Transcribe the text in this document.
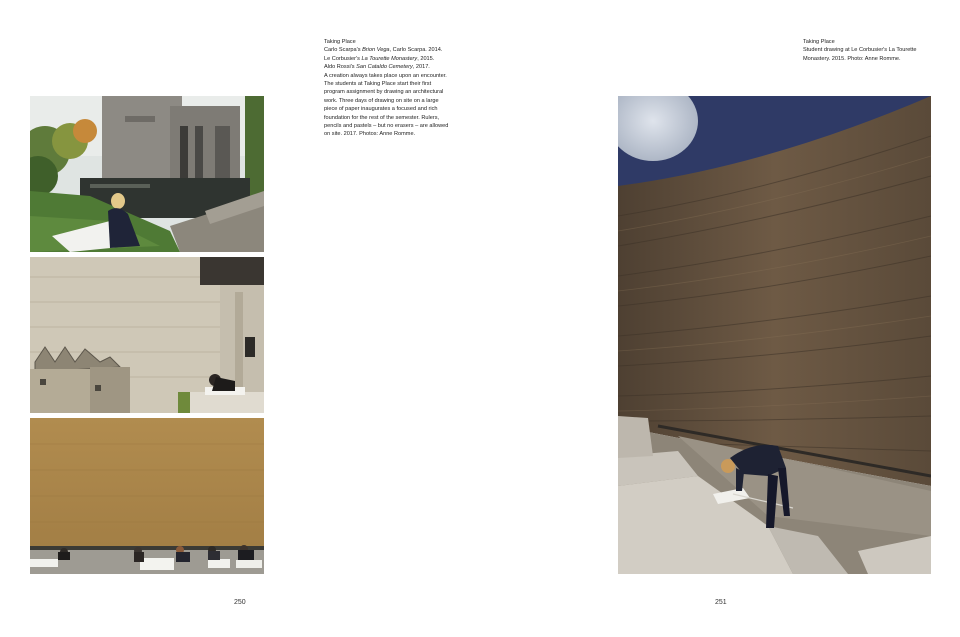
Taking Place

Carlo Scarpa's Brion Vega, Carlo Scarpa. 2014.

Le Corbusier's La Tourette Monastery, 2015.

Aldo Rossi's San Cataldo Cemetery, 2017.

A creation always takes place upon an encounter.

The students at Taking Place start their first

program assignment by drawing an architectural

work. Three days of drawing on site on a large

piece of paper inaugurates a focused and rich

foundation for the rest of the semester. Rulers,

pencils and pastels – but no erasers – are allowed

on site. 2017. Photos: Anne Romme.

250

Taking Place

Student drawing at Le Corbusier's La Tourette

Monastery. 2015. Photo: Anne Romme.

251
